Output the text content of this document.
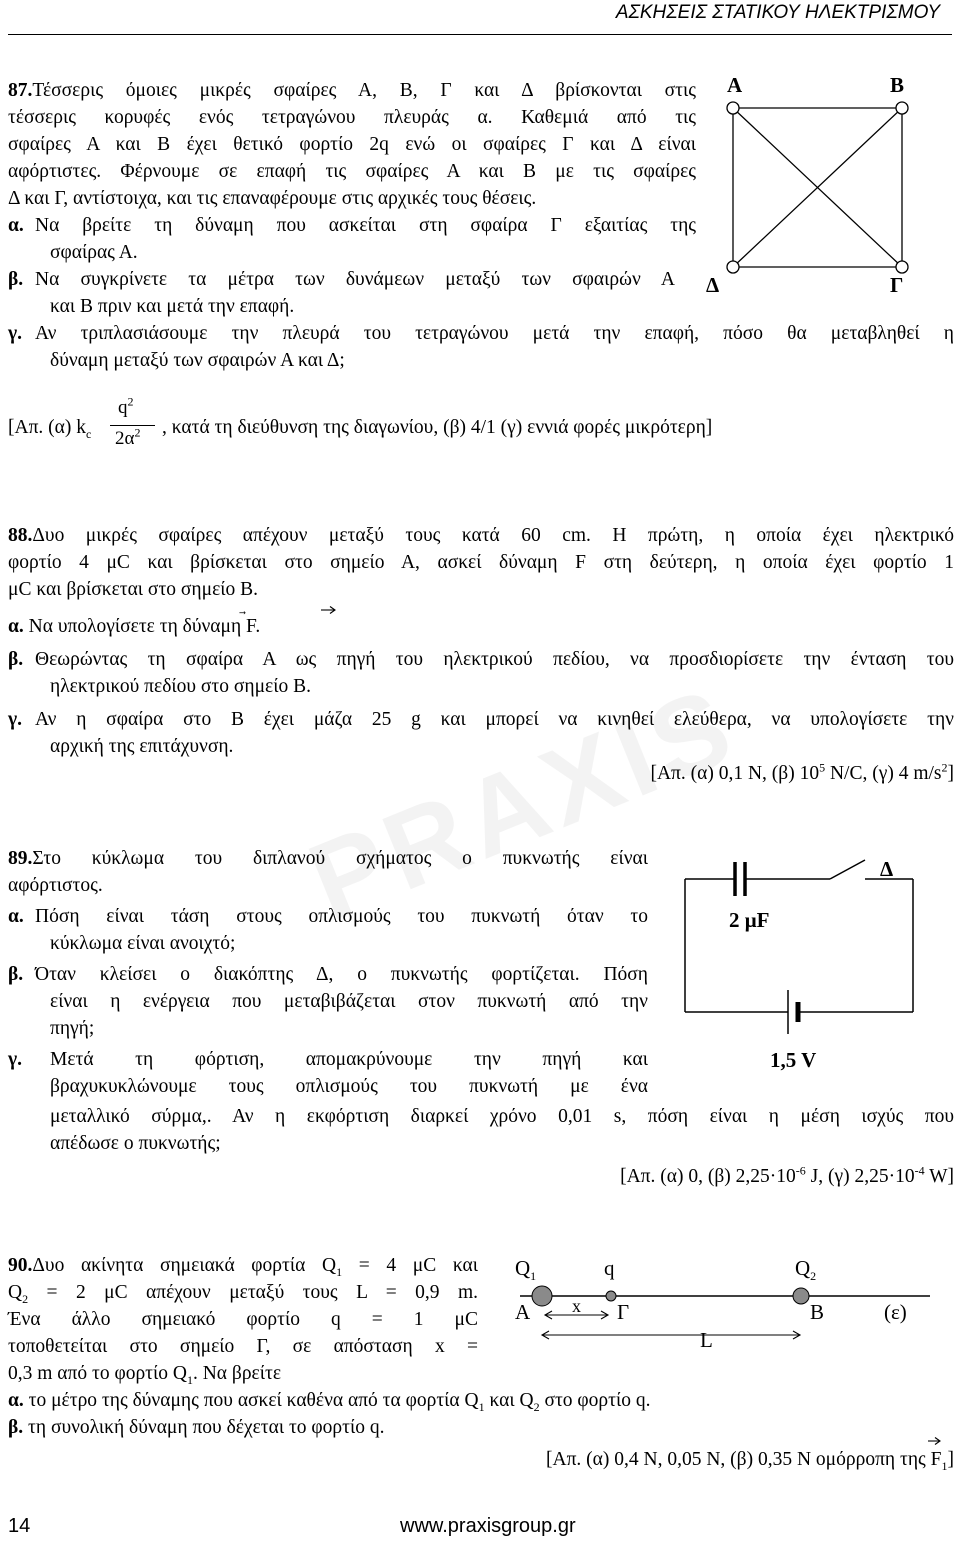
ΑΣΚΗΣΕΙΣ ΣΤΑΤΙΚΟΥ ΗΛΕΚΤΡΙΣΜΟΥ
87.Τέσσερις όμοιες μικρές σφαίρες Α, Β, Γ και Δ βρίσκονται στις
τέσσερις κορυφές ενός τετραγώνου πλευράς α. Καθεμιά από τις
σφαίρες Α και Β έχει θετικό φορτίο 2q ενώ οι σφαίρες Γ και Δ είναι
αφόρτιστες. Φέρνουμε σε επαφή τις σφαίρες Α και Β με τις σφαίρες
Δ και Γ, αντίστοιχα, και τις επαναφέρουμε στις αρχικές τους θέσεις.
α. Να βρείτε τη δύναμη που ασκείται στη σφαίρα Γ εξαιτίας της
σφαίρας Α.
β. Να συγκρίνετε τα μέτρα των δυνάμεων μεταξύ των σφαιρών Α
και Β πριν και μετά την επαφή.
γ. Αν τριπλασιάσουμε την πλευρά του τετραγώνου μετά την επαφή, πόσο θα μεταβληθεί η
δύναμη μεταξύ των σφαιρών Α και Δ;
[Απ. (α) $k_c$
$q^2$
$2\alpha^2$ , κατά τη διεύθυνση της διαγωνίου, (β) 4/1 (γ) εννιά φορές μικρότερη]
Α	Β
Δ	Γ
88.Δυο μικρές σφαίρες απέχουν μεταξύ τους κατά 60 cm. Η πρώτη, η οποία έχει ηλεκτρικό
φορτίο 4 μC και βρίσκεται στο σημείο Α, ασκεί δύναμη F στη δεύτερη, η οποία έχει φορτίο 1
μC και βρίσκεται στο σημείο Β.
α. Να υπολογίσετε τη δύναμη F.
β. Θεωρώντας τη σφαίρα Α ως πηγή του ηλεκτρικού πεδίου, να προσδιορίσετε την ένταση του
ηλεκτρικού πεδίου στο σημείο Β.
γ. Αν η σφαίρα στο Β έχει μάζα 25 g και μπορεί να κινηθεί ελεύθερα, να υπολογίσετε την
αρχική της επιτάχυνση.
[Απ. (α) 0,1 N, (β) $10^5$ N/C, (γ) 4 $m/s^2$]
89.Στο κύκλωμα του διπλανού σχήματος ο πυκνωτής είναι
αφόρτιστος.
α. Πόση είναι τάση στους οπλισμούς του πυκνωτή όταν το
κύκλωμα είναι ανοιχτό;
β. Όταν κλείσει ο διακόπτης Δ, ο πυκνωτής φορτίζεται. Πόση
είναι η ενέργεια που μεταβιβάζεται στον πυκνωτή από την
πηγή;
γ. Μετά τη φόρτιση, απομακρύνουμε την πηγή και
βραχυκυκλώνουμε τους οπλισμούς του πυκνωτή με ένα
μεταλλικό σύρμα,. Αν η εκφόρτιση διαρκεί χρόνο 0,01 s, πόση είναι η μέση ισχύς που
απέδωσε ο πυκνωτής;
[Απ. (α) 0, (β) $2,25\cdot 10^{-6}$ J, (γ) $2,25\cdot 10^{-4}$ W]
Δ
2 μF
1,5 V
90.Δυο ακίνητα σημειακά φορτία $Q_1 = 4$ μC και
$Q_2 = 2$ μC απέχουν μεταξύ τους L = 0,9 m.
Ένα άλλο σημειακό φορτίο q = 1 μC
τοποθετείται στο σημείο Γ, σε απόσταση x =
0,3 m από το φορτίο $Q_1$. Να βρείτε
α. το μέτρο της δύναμης που ασκεί καθένα από τα φορτία $Q_1$ και $Q_2$ στο φορτίο q.
β. τη συνολική δύναμη που δέχεται το φορτίο q.
[Απ. (α) 0,4 N, 0,05 N, (β) 0,35 N ομόρροπη της $F_1$]
$Q_1$	q	$Q_2$
Α x Γ	Β	(ε)
L
14	www.praxisgroup.gr
